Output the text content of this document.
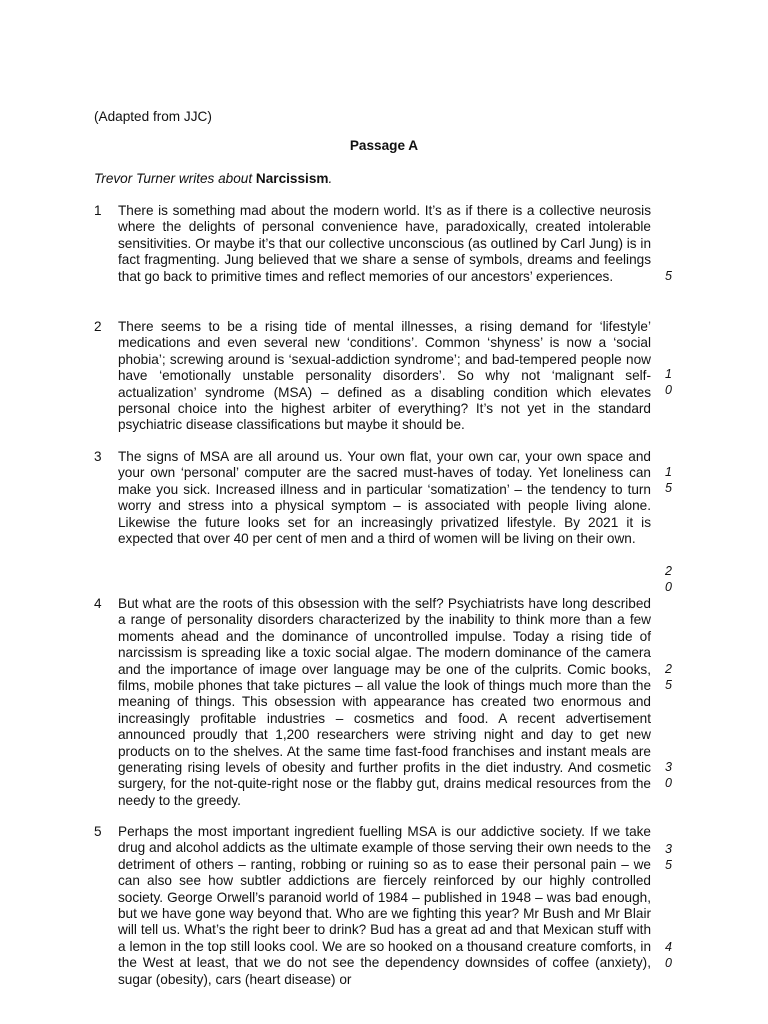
(Adapted from JJC)
Passage A
Trevor Turner writes about Narcissism.
1 There is something mad about the modern world. It’s as if there is a collective neurosis where the delights of personal convenience have, paradoxically, created intolerable sensitivities. Or maybe it’s that our collective unconscious (as outlined by Carl Jung) is in fact fragmenting. Jung believed that we share a sense of symbols, dreams and feelings that go back to primitive times and reflect memories of our ancestors’ experiences.
2 There seems to be a rising tide of mental illnesses, a rising demand for ‘lifestyle’ medications and even several new ‘conditions’. Common ‘shyness’ is now a ‘social phobia’; screwing around is ‘sexual-addiction syndrome’; and bad-tempered people now have ‘emotionally unstable personality disorders’. So why not ‘malignant self-actualization’ syndrome (MSA) – defined as a disabling condition which elevates personal choice into the highest arbiter of everything? It’s not yet in the standard psychiatric disease classifications but maybe it should be.
3 The signs of MSA are all around us. Your own flat, your own car, your own space and your own ‘personal’ computer are the sacred must-haves of today. Yet loneliness can make you sick. Increased illness and in particular ‘somatization’ – the tendency to turn worry and stress into a physical symptom – is associated with people living alone. Likewise the future looks set for an increasingly privatized lifestyle. By 2021 it is expected that over 40 per cent of men and a third of women will be living on their own.
4 But what are the roots of this obsession with the self? Psychiatrists have long described a range of personality disorders characterized by the inability to think more than a few moments ahead and the dominance of uncontrolled impulse. Today a rising tide of narcissism is spreading like a toxic social algae. The modern dominance of the camera and the importance of image over language may be one of the culprits. Comic books, films, mobile phones that take pictures – all value the look of things much more than the meaning of things. This obsession with appearance has created two enormous and increasingly profitable industries – cosmetics and food. A recent advertisement announced proudly that 1,200 researchers were striving night and day to get new products on to the shelves. At the same time fast-food franchises and instant meals are generating rising levels of obesity and further profits in the diet industry. And cosmetic surgery, for the not-quite-right nose or the flabby gut, drains medical resources from the needy to the greedy.
5 Perhaps the most important ingredient fuelling MSA is our addictive society. If we take drug and alcohol addicts as the ultimate example of those serving their own needs to the detriment of others – ranting, robbing or ruining so as to ease their personal pain – we can also see how subtler addictions are fiercely reinforced by our highly controlled society. George Orwell’s paranoid world of 1984 – published in 1948 – was bad enough, but we have gone way beyond that. Who are we fighting this year? Mr Bush and Mr Blair will tell us. What’s the right beer to drink? Bud has a great ad and that Mexican stuff with a lemon in the top still looks cool. We are so hooked on a thousand creature comforts, in the West at least, that we do not see the dependency downsides of coffee (anxiety), sugar (obesity), cars (heart disease) or
5
1
0
1
5
2
0
2
5
3
0
3
5
4
0
